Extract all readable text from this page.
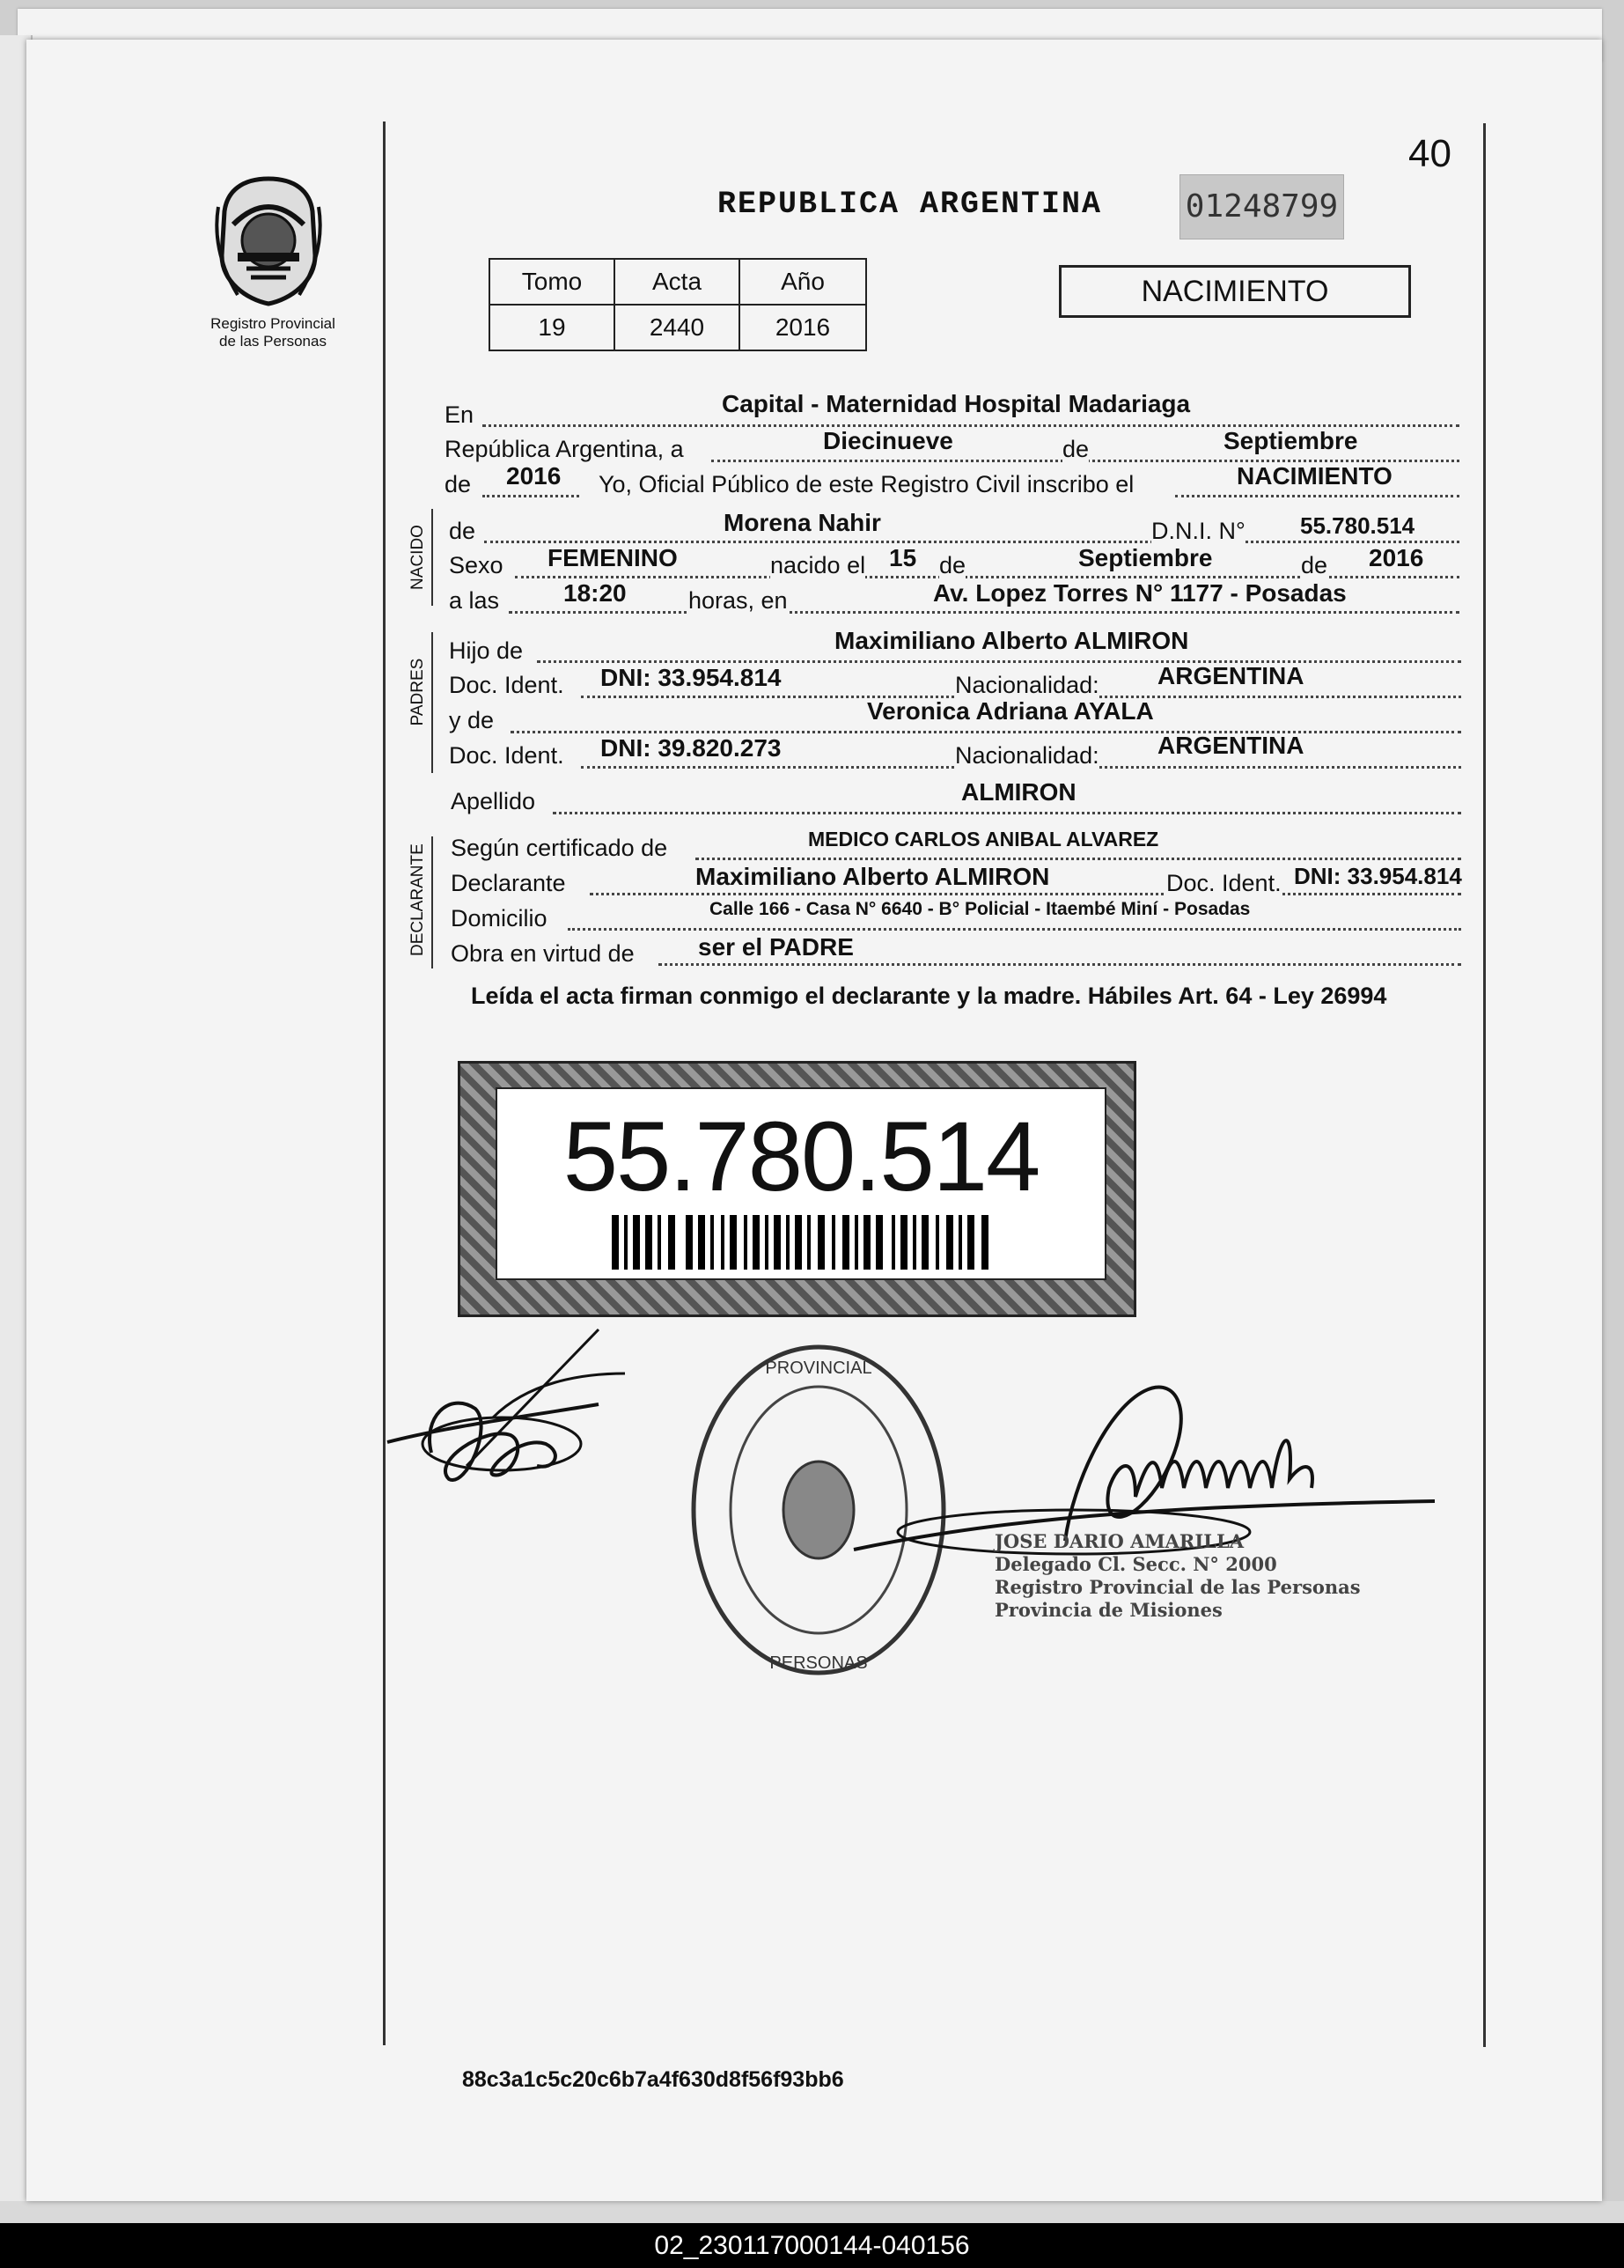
40
Registro Provincial
de las Personas
REPUBLICA ARGENTINA	01248799
Tomo	Acta	Año
19	2440	2016
NACIMIENTO
En	Capital - Maternidad Hospital Madariaga
República Argentina, a	Diecinueve	de	Septiembre
de 2016 Yo, Oficial Público de este Registro Civil inscribo el	NACIMIENTO
NACIDO de	Morena Nahir	D.N.I. N° 55.780.514
Sexo FEMENINO	nacido el 15 de	Septiembre	de 2016
a las	18:20	horas, en	Av. Lopez Torres N° 1177 - Posadas
PADRES
Hijo de	Maximiliano Alberto ALMIRON
Doc. Ident. DNI: 33.954.814	Nacionalidad: ARGENTINA
y de	Veronica Adriana AYALA
Doc. Ident. DNI: 39.820.273	Nacionalidad: ARGENTINA
Apellido	ALMIRON
DECLARANTE Según certificado de	MEDICO CARLOS ANIBAL ALVAREZ
Declarante	Maximiliano Alberto ALMIRON	Doc. Ident. DNI: 33.954.814
Domicilio	Calle 166 - Casa N° 6640 - B° Policial - Itaembé Miní - Posadas
Obra en virtud de	ser el PADRE
Leída el acta firman conmigo el declarante y la madre. Hábiles Art. 64 - Ley 26994
55.780.514
PROVINCIAL
PERSONAS
JOSE DARIO AMARILLA
Delegado Cl. Secc. N° 2000
Registro Provincial de las Personas
Provincia de Misiones
88c3a1c5c20c6b7a4f630d8f56f93bb6
02_230117000144-040156
